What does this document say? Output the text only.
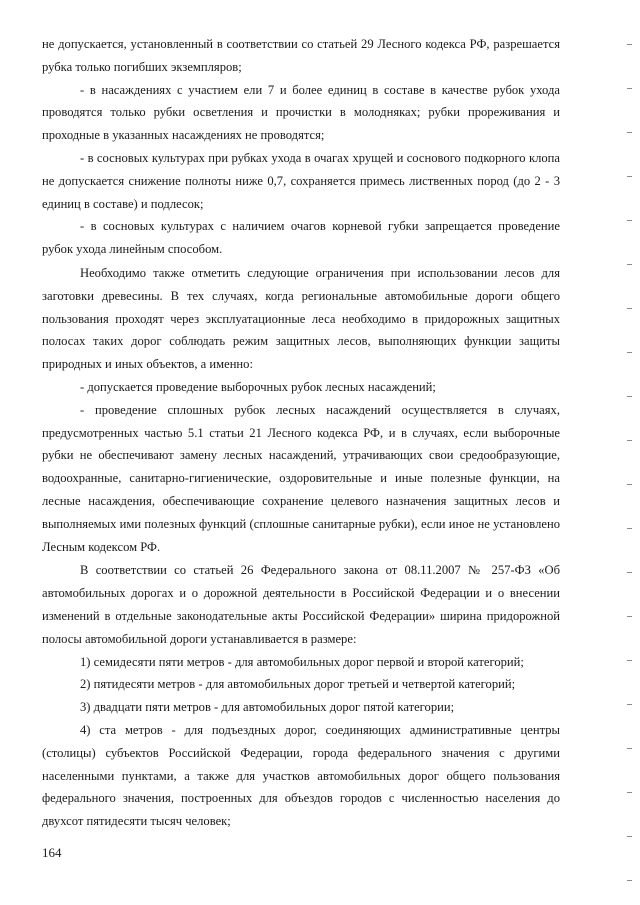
не допускается, установленный в соответствии со статьей 29 Лесного кодекса РФ, разрешается рубка только погибших экземпляров;

- в насаждениях с участием ели 7 и более единиц в составе в качестве рубок ухода проводятся только рубки осветления и прочистки в молодняках; рубки прореживания и проходные в указанных насаждениях не проводятся;

- в сосновых культурах при рубках ухода в очагах хрущей и соснового подкорного клопа не допускается снижение полноты ниже 0,7, сохраняется примесь лиственных пород (до 2 - 3 единиц в составе) и подлесок;

- в сосновых культурах с наличием очагов корневой губки запрещается проведение рубок ухода линейным способом.

Необходимо также отметить следующие ограничения при использовании лесов для заготовки древесины. В тех случаях, когда региональные автомобильные дороги общего пользования проходят через эксплуатационные леса необходимо в придорожных защитных полосах таких дорог соблюдать режим защитных лесов, выполняющих функции защиты природных и иных объектов, а именно:

- допускается проведение выборочных рубок лесных насаждений;

- проведение сплошных рубок лесных насаждений осуществляется в случаях, предусмотренных частью 5.1 статьи 21 Лесного кодекса РФ, и в случаях, если выборочные рубки не обеспечивают замену лесных насаждений, утрачивающих свои средообразующие, водоохранные, санитарно-гигиенические, оздоровительные и иные полезные функции, на лесные насаждения, обеспечивающие сохранение целевого назначения защитных лесов и выполняемых ими полезных функций (сплошные санитарные рубки), если иное не установлено Лесным кодексом РФ.

В соответствии со статьей 26 Федерального закона от 08.11.2007 № 257-ФЗ «Об автомобильных дорогах и о дорожной деятельности в Российской Федерации и о внесении изменений в отдельные законодательные акты Российской Федерации» ширина придорожной полосы автомобильной дороги устанавливается в размере:

1) семидесяти пяти метров - для автомобильных дорог первой и второй категорий;

2) пятидесяти метров - для автомобильных дорог третьей и четвертой категорий;

3) двадцати пяти метров - для автомобильных дорог пятой категории;

4) ста метров - для подъездных дорог, соединяющих административные центры (столицы) субъектов Российской Федерации, города федерального значения с другими населенными пунктами, а также для участков автомобильных дорог общего пользования федерального значения, построенных для объездов городов с численностью населения до двухсот пятидесяти тысяч человек;

164
